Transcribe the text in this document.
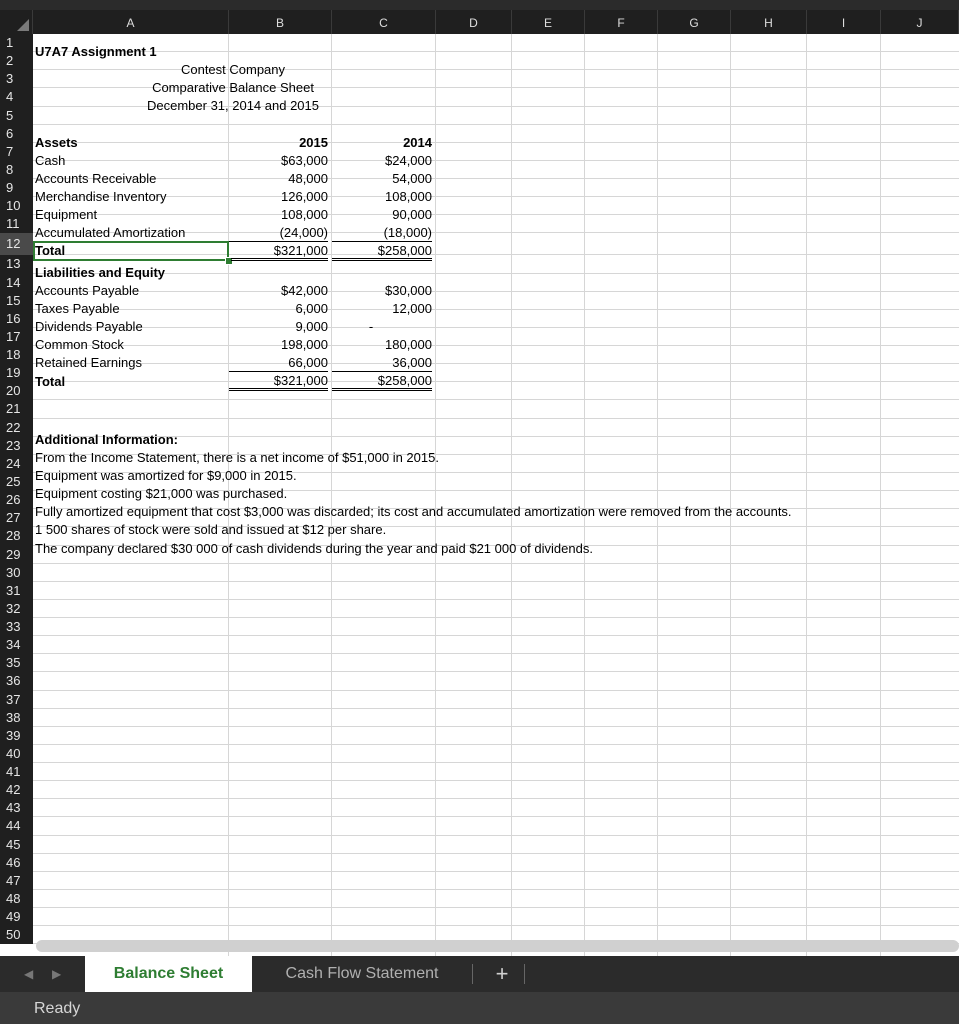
A	B	C	D	E	F	G	H	I	J
1
2
3
4
5
6
7
8
9
10
11
12
13
14
15
16
17
18
19
20
21
22
23
24
25
26
27
28
29
30
31
32
33
34
35
36
37
38
39
40
41
42
43
44
45
46
47
48
49
50
U7A7 Assignment 1
Contest Company
Comparative Balance Sheet
December 31, 2014 and 2015
Assets	2015	2014
Cash	$63,000	$24,000
Accounts Receivable	48,000	54,000
Merchandise Inventory	126,000	108,000
Equipment	108,000	90,000
Accumulated Amortization	(24,000)	(18,000)
Total	$321,000	$258,000
Liabilities and Equity
Accounts Payable	$42,000	$30,000
Taxes Payable	6,000	12,000
Dividends Payable	9,000	-
Common Stock	198,000	180,000
Retained Earnings	66,000	36,000
Total	$321,000	$258,000
Additional Information:
From the Income Statement, there is a net income of $51,000 in 2015.
Equipment was amortized for $9,000 in 2015.
Equipment costing $21,000 was purchased.
Fully amortized equipment that cost $3,000 was discarded; its cost and accumulated amortization were removed from the accounts.
1 500 shares of stock were sold and issued at $12 per share.
The company declared $30 000 of cash dividends during the year and paid $21 000 of dividends.
◀ ▶	Balance Sheet	Cash Flow Statement	+
Ready
